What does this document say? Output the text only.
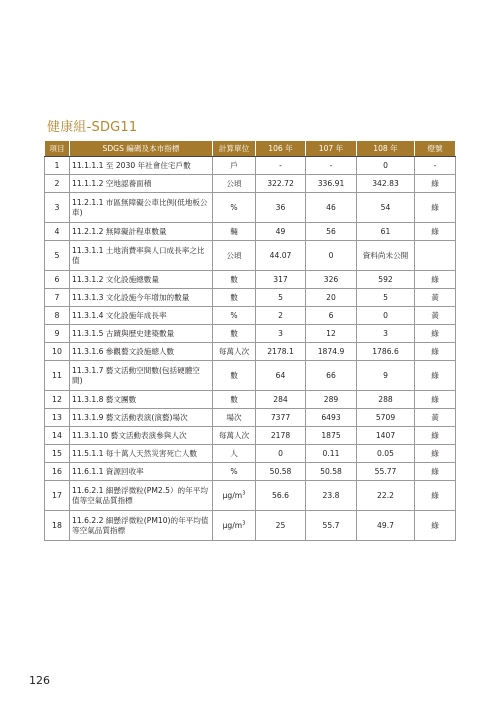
健康組-SDG11
項目	SDGS 編碼及本市指標	計算單位	106 年	107 年	108 年	燈號
1	11.1.1.1 至 2030 年社會住宅戶數	戶	-	-	0	-
2	11.1.1.2 空地認養面積	公頃	322.72	336.91	342.83	綠
3	11.2.1.1 市區無障礙公車比例(低地板公車)	%	36	46	54	綠
4	11.2.1.2 無障礙計程車數量	輛	49	56	61	綠
5	11.3.1.1 土地消費率與人口成長率之比值	公頃	44.07	0	資料尚未公開	
6	11.3.1.2 文化設施總數量	數	317	326	592	綠
7	11.3.1.3 文化設施今年增加的數量	數	5	20	5	黃
8	11.3.1.4 文化設施年成長率	%	2	6	0	黃
9	11.3.1.5 古蹟與歷史建築數量	數	3	12	3	綠
10	11.3.1.6 參觀藝文設施總人數	每萬人次	2178.1	1874.9	1786.6	綠
11	11.3.1.7 藝文活動空間數(包括硬體空間)	數	64	66	9	綠
12	11.3.1.8 藝文團數	數	284	289	288	綠
13	11.3.1.9 藝文活動表演(演藝)場次	場次	7377	6493	5709	黃
14	11.3.1.10 藝文活動表演參與人次	每萬人次	2178	1875	1407	綠
15	11.5.1.1 每十萬人天然災害死亡人數	人	0	0.11	0.05	綠
16	11.6.1.1 資源回收率	%	50.58	50.58	55.77	綠
17	11.6.2.1 細懸浮微粒(PM2.5）的年平均值等空氣品質指標	$\mu g/m^3$	56.6	23.8	22.2	綠
18	11.6.2.2 細懸浮微粒(PM10)的年平均值等空氣品質指標	$\mu g/m^3$	25	55.7	49.7	綠
126
